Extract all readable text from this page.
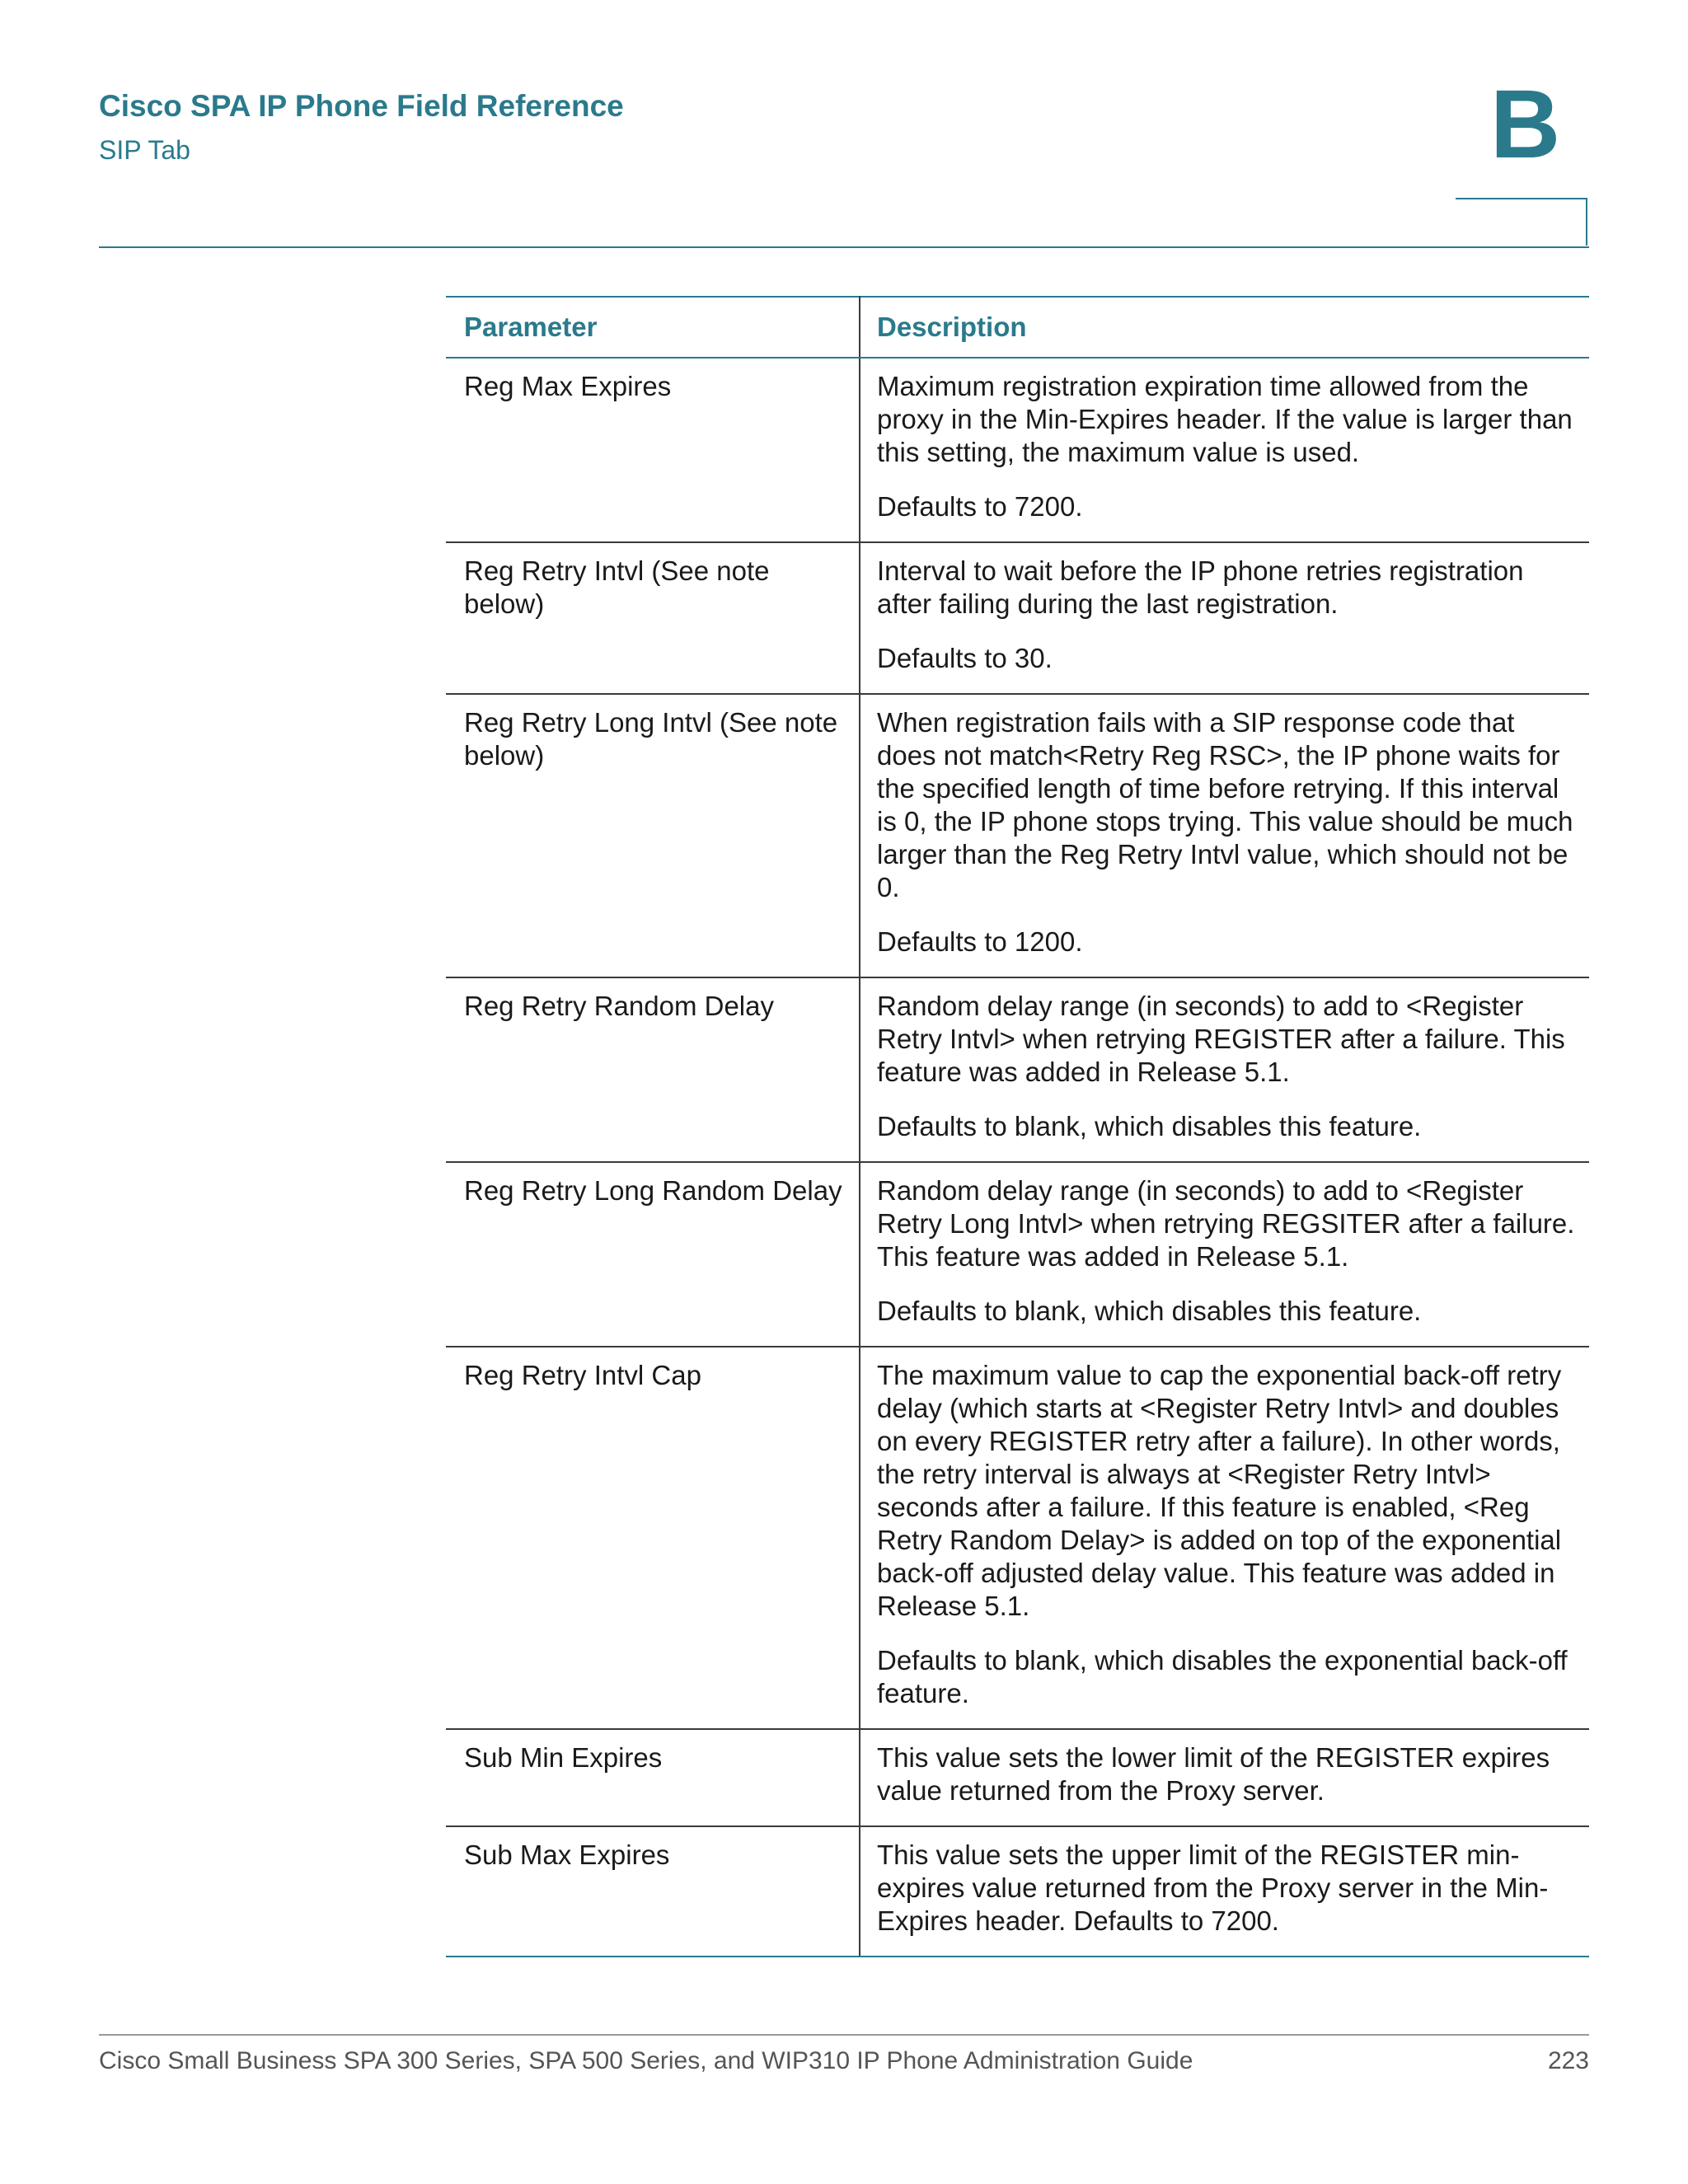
Cisco SPA IP Phone Field Reference
SIP Tab	B
Parameter	Description
Reg Max Expires	Maximum registration expiration time allowed from the proxy in the Min-Expires header. If the value is larger than this setting, the maximum value is used.

Defaults to 7200.

Reg Retry Intvl (See note below)	Interval to wait before the IP phone retries registration after failing during the last registration.

Defaults to 30.

Reg Retry Long Intvl (See note below)	When registration fails with a SIP response code that does not match<Retry Reg RSC>, the IP phone waits for the specified length of time before retrying. If this interval is 0, the IP phone stops trying. This value should be much larger than the Reg Retry Intvl value, which should not be 0.

Defaults to 1200.

Reg Retry Random Delay	Random delay range (in seconds) to add to <Register Retry Intvl> when retrying REGISTER after a failure. This feature was added in Release 5.1.

Defaults to blank, which disables this feature.

Reg Retry Long Random Delay	Random delay range (in seconds) to add to <Register Retry Long Intvl> when retrying REGSITER after a failure. This feature was added in Release 5.1.

Defaults to blank, which disables this feature.

Reg Retry Intvl Cap	The maximum value to cap the exponential back-off retry delay (which starts at <Register Retry Intvl> and doubles on every REGISTER retry after a failure). In other words, the retry interval is always at <Register Retry Intvl> seconds after a failure. If this feature is enabled, <Reg Retry Random Delay> is added on top of the exponential back-off adjusted delay value. This feature was added in Release 5.1.

Defaults to blank, which disables the exponential back-off feature.

Sub Min Expires	This value sets the lower limit of the REGISTER expires value returned from the Proxy server.

Sub Max Expires	This value sets the upper limit of the REGISTER min-expires value returned from the Proxy server in the Min-Expires header. Defaults to 7200.

Cisco Small Business SPA 300 Series, SPA 500 Series, and WIP310 IP Phone Administration Guide	223
